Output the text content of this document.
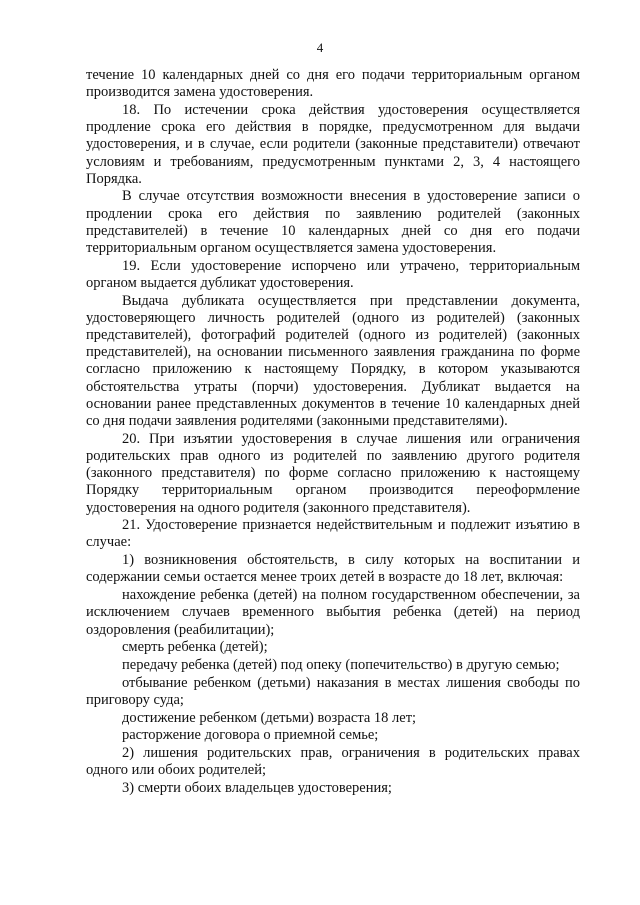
4

течение 10 календарных дней со дня его подачи территориальным органом производится замена удостоверения.

18. По истечении срока действия удостоверения осуществляется продление срока его действия в порядке, предусмотренном для выдачи удостоверения, и в случае, если родители (законные представители) отвечают условиям и требованиям, предусмотренным пунктами 2, 3, 4 настоящего Порядка.

В случае отсутствия возможности внесения в удостоверение записи о продлении срока его действия по заявлению родителей (законных представителей) в течение 10 календарных дней со дня его подачи территориальным органом осуществляется замена удостоверения.

19. Если удостоверение испорчено или утрачено, территориальным органом выдается дубликат удостоверения.

Выдача дубликата осуществляется при представлении документа, удостоверяющего личность родителей (одного из родителей) (законных представителей), фотографий родителей (одного из родителей) (законных представителей), на основании письменного заявления гражданина по форме согласно приложению к настоящему Порядку, в котором указываются обстоятельства утраты (порчи) удостоверения. Дубликат выдается на основании ранее представленных документов в течение 10 календарных дней со дня подачи заявления родителями (законными представителями).

20. При изъятии удостоверения в случае лишения или ограничения родительских прав одного из родителей по заявлению другого родителя (законного представителя) по форме согласно приложению к настоящему Порядку территориальным органом производится переоформление удостоверения на одного родителя (законного представителя).

21. Удостоверение признается недействительным и подлежит изъятию в случае:

1) возникновения обстоятельств, в силу которых на воспитании и содержании семьи остается менее троих детей в возрасте до 18 лет, включая:

нахождение ребенка (детей) на полном государственном обеспечении, за исключением случаев временного выбытия ребенка (детей) на период оздоровления (реабилитации);

смерть ребенка (детей);

передачу ребенка (детей) под опеку (попечительство) в другую семью;

отбывание ребенком (детьми) наказания в местах лишения свободы по приговору суда;

достижение ребенком (детьми) возраста 18 лет;

расторжение договора о приемной семье;

2) лишения родительских прав, ограничения в родительских правах одного или обоих родителей;

3) смерти обоих владельцев удостоверения;
